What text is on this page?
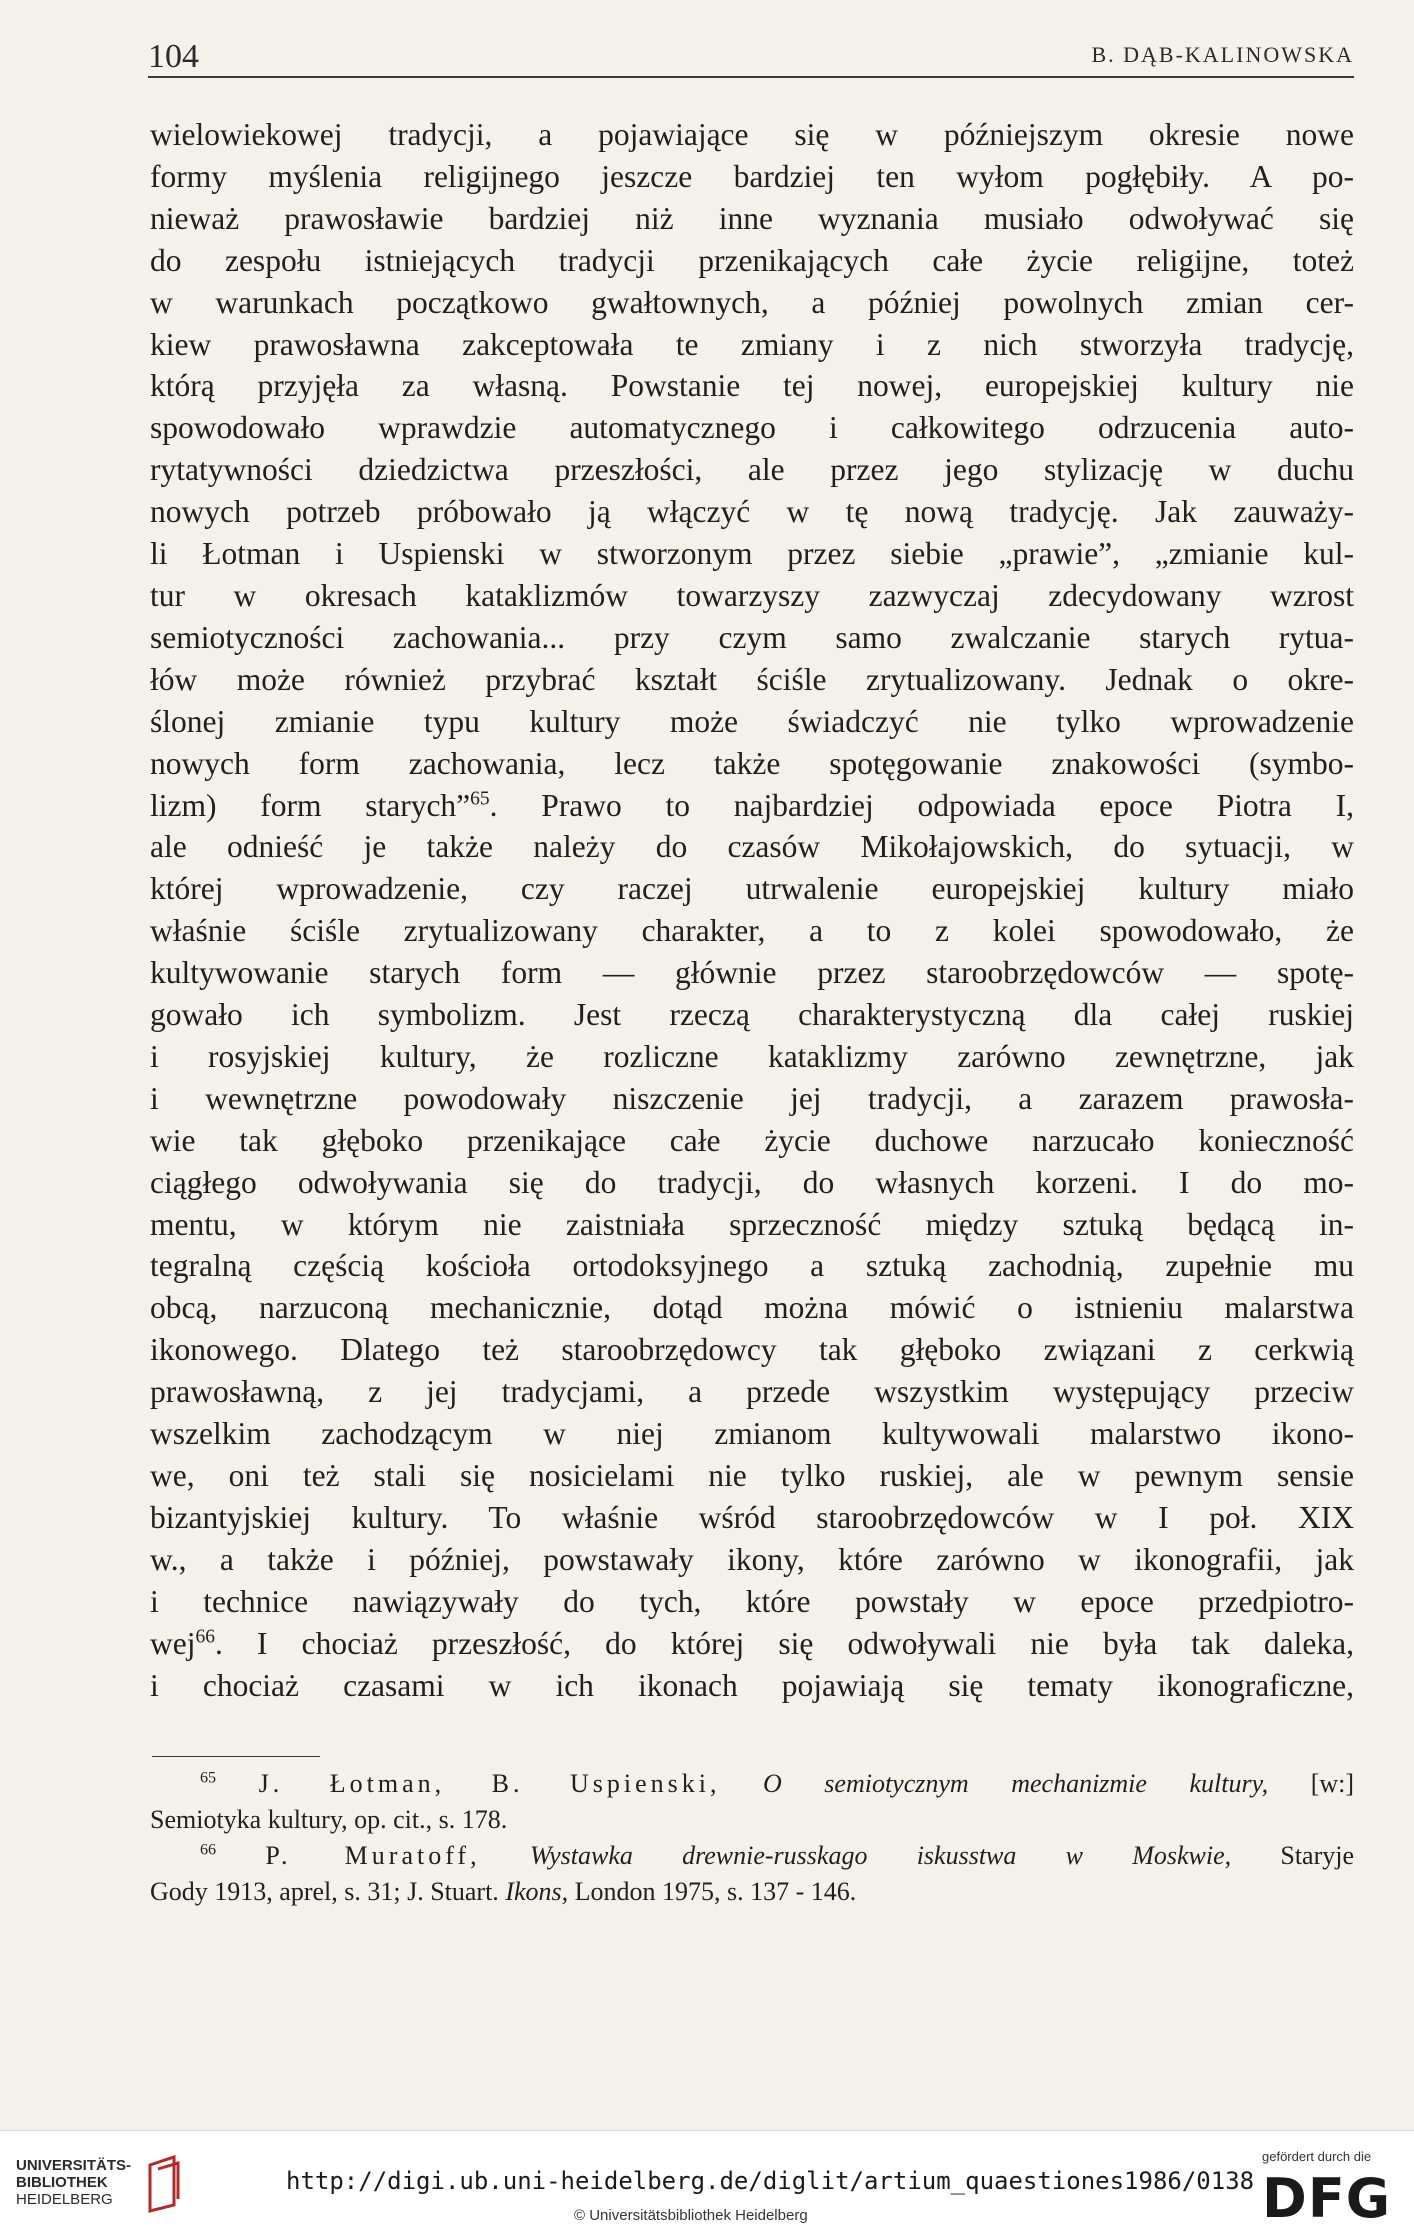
104	B. DĄB-KALINOWSKA
wielowiekowej tradycji, a pojawiające się w późniejszym okresie nowe
formy myślenia religijnego jeszcze bardziej ten wyłom pogłębiły. A po-
nieważ prawosławie bardziej niż inne wyznania musiało odwoływać się
do zespołu istniejących tradycji przenikających całe życie religijne, toteż
w warunkach początkowo gwałtownych, a później powolnych zmian cer-
kiew prawosławna zakceptowała te zmiany i z nich stworzyła tradycję,
którą przyjęła za własną. Powstanie tej nowej, europejskiej kultury nie
spowodowało wprawdzie automatycznego i całkowitego odrzucenia auto-
rytatywności dziedzictwa przeszłości, ale przez jego stylizację w duchu
nowych potrzeb próbowało ją włączyć w tę nową tradycję. Jak zauważy-
li Łotman i Uspienski w stworzonym przez siebie „prawie”, „zmianie kul-
tur w okresach kataklizmów towarzyszy zazwyczaj zdecydowany wzrost
semiotyczności zachowania... przy czym samo zwalczanie starych rytua-
łów może również przybrać kształt ściśle zrytualizowany. Jednak o okre-
ślonej zmianie typu kultury może świadczyć nie tylko wprowadzenie
nowych form zachowania, lecz także spotęgowanie znakowości (symbo-
lizm) form starych”$^{65}$. Prawo to najbardziej odpowiada epoce Piotra I,
ale odnieść je także należy do czasów Mikołajowskich, do sytuacji, w
której wprowadzenie, czy raczej utrwalenie europejskiej kultury miało
właśnie ściśle zrytualizowany charakter, a to z kolei spowodowało, że
kultywowanie starych form — głównie przez staroobrzędowców — spotę-
gowało ich symbolizm. Jest rzeczą charakterystyczną dla całej ruskiej
i rosyjskiej kultury, że rozliczne kataklizmy zarówno zewnętrzne, jak
i wewnętrzne powodowały niszczenie jej tradycji, a zarazem prawosła-
wie tak głęboko przenikające całe życie duchowe narzucało konieczność
ciągłego odwoływania się do tradycji, do własnych korzeni. I do mo-
mentu, w którym nie zaistniała sprzeczność między sztuką będącą in-
tegralną częścią kościoła ortodoksyjnego a sztuką zachodnią, zupełnie mu
obcą, narzuconą mechanicznie, dotąd można mówić o istnieniu malarstwa
ikonowego. Dlatego też staroobrzędowcy tak głęboko związani z cerkwią
prawosławną, z jej tradycjami, a przede wszystkim występujący przeciw
wszelkim zachodzącym w niej zmianom kultywowali malarstwo ikono-
we, oni też stali się nosicielami nie tylko ruskiej, ale w pewnym sensie
bizantyjskiej kultury. To właśnie wśród staroobrzędowców w I poł. XIX
w., a także i później, powstawały ikony, które zarówno w ikonografii, jak
i technice nawiązywały do tych, które powstały w epoce przedpiotro-
wej$^{66}$. I chociaż przeszłość, do której się odwoływali nie była tak daleka,
i chociaż czasami w ich ikonach pojawiają się tematy ikonograficzne,
$^{65}$ J. Łotman, B. Uspienski, O semiotycznym mechanizmie kultury, [w:]
Semiotyka kultury, op. cit., s. 178.
$^{66}$ P. Muratoff, Wystawka drewnie-russkago iskusstwa w Moskwie, Staryje
Gody 1913, aprel, s. 31; J. Stuart. Ikons, London 1975, s. 137 - 146.
UNIVERSITÄTS-
BIBLIOTHEK
HEIDELBERG
http://digi.ub.uni-heidelberg.de/diglit/artium_quaestiones1986/0138
© Universitätsbibliothek Heidelberg
gefördert durch die
DFG
